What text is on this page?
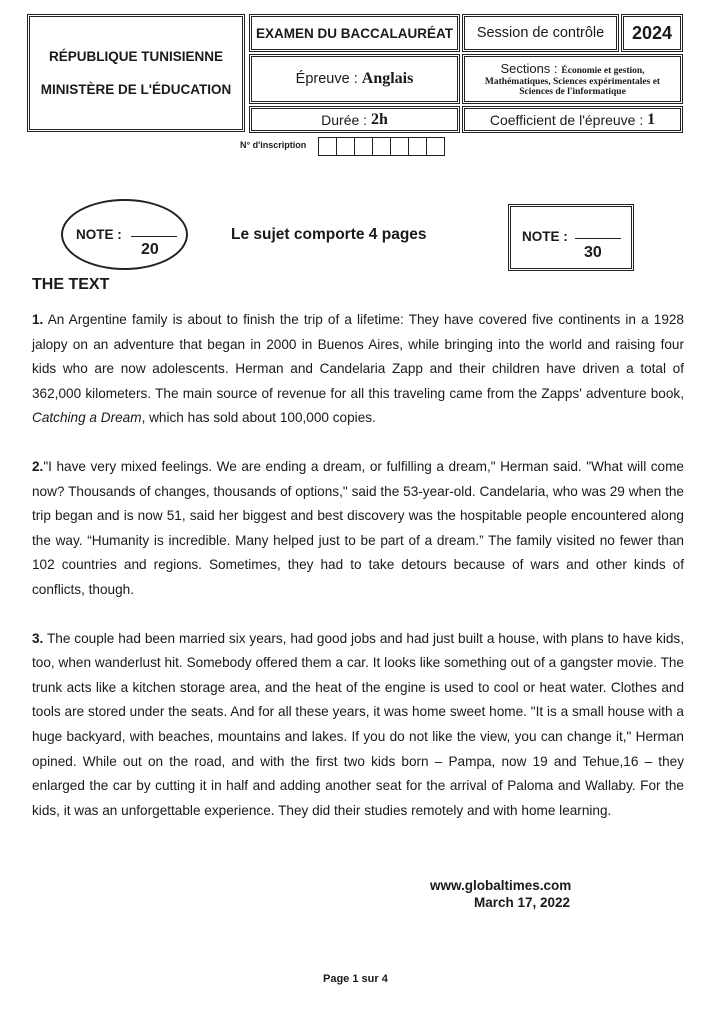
RÉPUBLIQUE TUNISIENNE
MINISTÈRE DE L'ÉDUCATION
EXAMEN DU BACCALAURÉAT Session de contrôle 2024
Épreuve :
Anglais
Sections : Économie et gestion,
Mathématiques, Sciences expérimentales et
Sciences de l'informatique
Durée :
2h	Coefficient de l'épreuve :
1
N° d'inscription
NOTE :
20
Le sujet comporte 4 pages	NOTE :
30
THE TEXT

1. An Argentine family is about to finish the trip of a lifetime: They have covered five continents in a 1928 jalopy on an adventure that began in 2000 in Buenos Aires, while bringing into the world and raising four kids who are now adolescents. Herman and Candelaria Zapp and their children have driven a total of 362,000 kilometers. The main source of revenue for all this traveling came from the Zapps' adventure book, Catching a Dream, which has sold about 100,000 copies.

2."I have very mixed feelings. We are ending a dream, or fulfilling a dream," Herman said. "What will come now? Thousands of changes, thousands of options," said the 53-year-old. Candelaria, who was 29 when the trip began and is now 51, said her biggest and best discovery was the hospitable people encountered along the way. “Humanity is incredible. Many helped just to be part of a dream.” The family visited no fewer than 102 countries and regions. Sometimes, they had to take detours because of wars and other kinds of conflicts, though.

3. The couple had been married six years, had good jobs and had just built a house, with plans to have kids, too, when wanderlust hit. Somebody offered them a car. It looks like something out of a gangster movie. The trunk acts like a kitchen storage area, and the heat of the engine is used to cool or heat water. Clothes and tools are stored under the seats. And for all these years, it was home sweet home. "It is a small house with a huge backyard, with beaches, mountains and lakes. If you do not like the view, you can change it," Herman opined. While out on the road, and with the first two kids born – Pampa, now 19 and Tehue,16 – they enlarged the car by cutting it in half and adding another seat for the arrival of Paloma and Wallaby. For the kids, it was an unforgettable experience. They did their studies remotely and with home learning.

www.globaltimes.com
March 17, 2022
Page 1 sur 4
